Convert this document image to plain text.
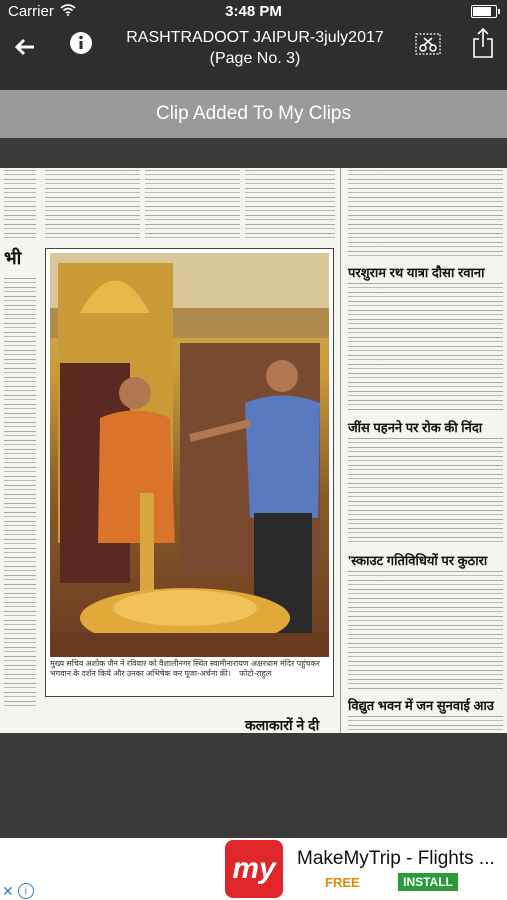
Carrier	3:48 PM
RASHTRADOOT JAIPUR-3july2017
(Page No. 3)
Clip Added To My Clips
भी
परशुराम रथ यात्रा दौसा रवाना
जींस पहनने पर रोक की निंदा
'स्काउट गतिविधियों पर कुठारा
विद्युत भवन में जन सुनवाई आउ
मुख्य सचिव अशोक जैन ने रविवार को वैशालीनगर स्थित स्वामीनारायण अक्षरधाम मंदिर पहुंचकर भगवान के दर्शन किये और उनका अभिषेक कर पूजा-अर्चना की। फोटो-राहुल
कलाकारों ने दी
my	MakeMyTrip - Flights ...
FREE	INSTALL
✕	i
